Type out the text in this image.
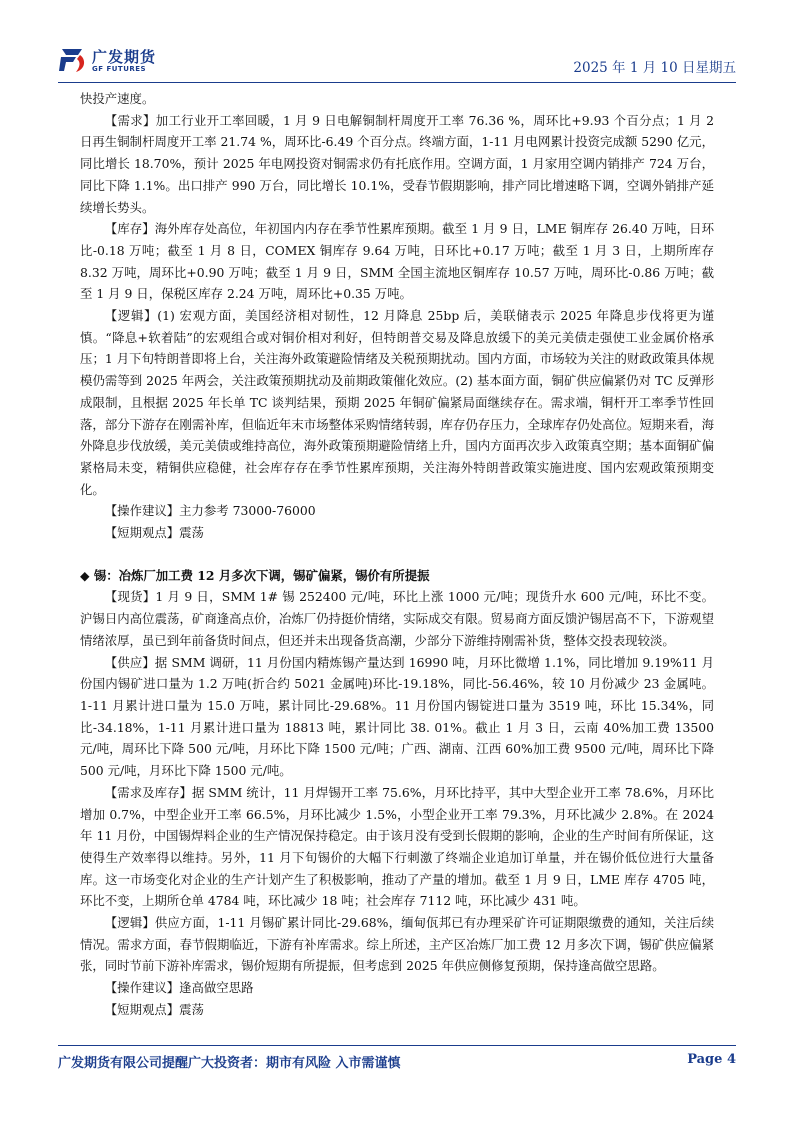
广发期货
GF FUTURES	2025 年 1 月 10 日星期五

快投产速度。

【需求】加工行业开工率回暖，1 月 9 日电解铜制杆周度开工率 76.36 %，周环比+9.93 个百分点；1 月 2 日再生铜制杆周度开工率 21.74 %，周环比-6.49 个百分点。终端方面，1-11 月电网累计投资完成额 5290 亿元，同比增长 18.70%，预计 2025 年电网投资对铜需求仍有托底作用。空调方面，1 月家用空调内销排产 724 万台，同比下降 1.1%。出口排产 990 万台，同比增长 10.1%，受春节假期影响，排产同比增速略下调，空调外销排产延续增长势头。

【库存】海外库存处高位，年初国内内存在季节性累库预期。截至 1 月 9 日，LME 铜库存 26.40 万吨，日环比-0.18 万吨；截至 1 月 8 日，COMEX 铜库存 9.64 万吨，日环比+0.17 万吨；截至 1 月 3 日，上期所库存 8.32 万吨，周环比+0.90 万吨；截至 1 月 9 日，SMM 全国主流地区铜库存 10.57 万吨，周环比-0.86 万吨；截至 1 月 9 日，保税区库存 2.24 万吨，周环比+0.35 万吨。

【逻辑】(1) 宏观方面，美国经济相对韧性，12 月降息 25bp 后，美联储表示 2025 年降息步伐将更为谨慎。“降息+软着陆”的宏观组合或对铜价相对利好，但特朗普交易及降息放缓下的美元美债走强使工业金属价格承压；1 月下旬特朗普即将上台，关注海外政策避险情绪及关税预期扰动。国内方面，市场较为关注的财政政策具体规模仍需等到 2025 年两会，关注政策预期扰动及前期政策催化效应。(2) 基本面方面，铜矿供应偏紧仍对 TC 反弹形成限制，且根据 2025 年长单 TC 谈判结果，预期 2025 年铜矿偏紧局面继续存在。需求端，铜杆开工率季节性回落，部分下游存在刚需补库，但临近年末市场整体采购情绪转弱，库存仍存压力，全球库存仍处高位。短期来看，海外降息步伐放缓，美元美债或维持高位，海外政策预期避险情绪上升，国内方面再次步入政策真空期；基本面铜矿偏紧格局未变，精铜供应稳健，社会库存存在季节性累库预期，关注海外特朗普政策实施进度、国内宏观政策预期变化。

【操作建议】主力参考 73000-76000

【短期观点】震荡

◆ 锡：冶炼厂加工费 12 月多次下调，锡矿偏紧，锡价有所提振

【现货】1 月 9 日，SMM 1# 锡 252400 元/吨，环比上涨 1000 元/吨；现货升水 600 元/吨，环比不变。沪锡日内高位震荡，矿商逢高点价，冶炼厂仍持挺价情绪，实际成交有限。贸易商方面反馈沪锡居高不下，下游观望情绪浓厚，虽已到年前备货时间点，但还并未出现备货高潮，少部分下游维持刚需补货，整体交投表现较淡。

【供应】据 SMM 调研，11 月份国内精炼锡产量达到 16990 吨，月环比微增 1.1%，同比增加 9.19%11 月份国内锡矿进口量为 1.2 万吨(折合约 5021 金属吨)环比-19.18%，同比-56.46%，较 10 月份减少 23 金属吨。1-11 月累计进口量为 15.0 万吨，累计同比-29.68%。11 月份国内锡锭进口量为 3519 吨，环比 15.34%，同比-34.18%，1-11 月累计进口量为 18813 吨，累计同比 38. 01%。截止 1 月 3 日，云南 40%加工费 13500 元/吨，周环比下降 500 元/吨，月环比下降 1500 元/吨；广西、湖南、江西 60%加工费 9500 元/吨，周环比下降 500 元/吨，月环比下降 1500 元/吨。

【需求及库存】据 SMM 统计，11 月焊锡开工率 75.6%，月环比持平，其中大型企业开工率 78.6%，月环比增加 0.7%，中型企业开工率 66.5%，月环比减少 1.5%，小型企业开工率 79.3%，月环比减少 2.8%。在 2024 年 11 月份，中国锡焊料企业的生产情况保持稳定。由于该月没有受到长假期的影响，企业的生产时间有所保证，这使得生产效率得以维持。另外，11 月下旬锡价的大幅下行刺激了终端企业追加订单量，并在锡价低位进行大量备库。这一市场变化对企业的生产计划产生了积极影响，推动了产量的增加。截至 1 月 9 日，LME 库存 4705 吨，环比不变，上期所仓单 4784 吨，环比减少 18 吨；社会库存 7112 吨，环比减少 431 吨。

【逻辑】供应方面，1-11 月锡矿累计同比-29.68%，缅甸佤邦已有办理采矿许可证期限缴费的通知，关注后续情况。需求方面，春节假期临近，下游有补库需求。综上所述，主产区冶炼厂加工费 12 月多次下调，锡矿供应偏紧张，同时节前下游补库需求，锡价短期有所提振，但考虑到 2025 年供应侧修复预期，保持逢高做空思路。

【操作建议】逢高做空思路

【短期观点】震荡

广发期货有限公司提醒广大投资者：期市有风险 入市需谨慎	Page 4
